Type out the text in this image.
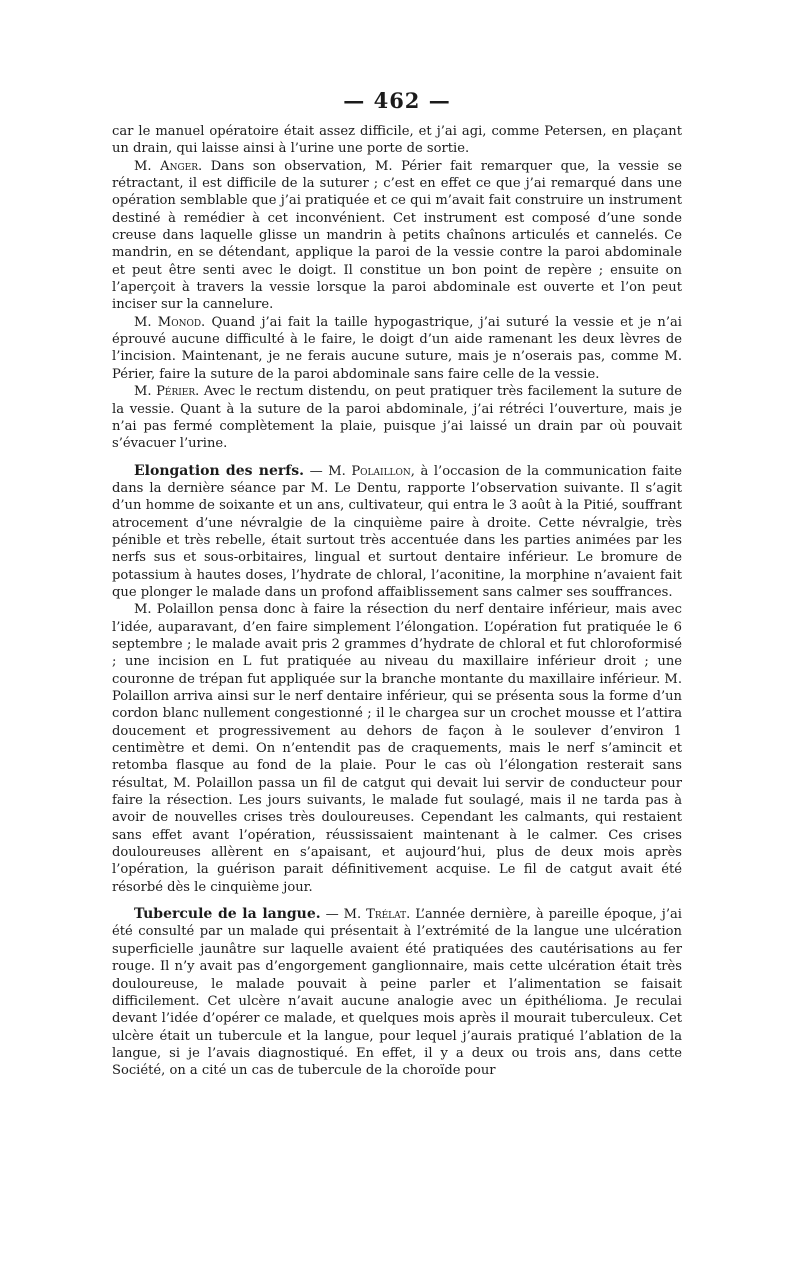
— 462 —

car le manuel opératoire était assez difficile, et j’ai agi, comme Petersen, en plaçant un drain, qui laisse ainsi à l’urine une porte de sortie.

M. Anger. Dans son observation, M. Périer fait remarquer que, la vessie se rétractant, il est difficile de la suturer ; c’est en effet ce que j’ai remarqué dans une opération semblable que j’ai pratiquée et ce qui m’avait fait construire un instrument destiné à remédier à cet inconvénient. Cet instrument est composé d’une sonde creuse dans laquelle glisse un mandrin à petits chaînons articulés et cannelés. Ce mandrin, en se détendant, applique la paroi de la vessie contre la paroi abdominale et peut être senti avec le doigt. Il constitue un bon point de repère ; ensuite on l’aperçoit à travers la vessie lorsque la paroi abdominale est ouverte et l’on peut inciser sur la cannelure.

M. Monod. Quand j’ai fait la taille hypogastrique, j’ai suturé la vessie et je n’ai éprouvé aucune difficulté à le faire, le doigt d’un aide ramenant les deux lèvres de l’incision. Maintenant, je ne ferais aucune suture, mais je n’oserais pas, comme M. Périer, faire la suture de la paroi abdominale sans faire celle de la vessie.

M. Périer. Avec le rectum distendu, on peut pratiquer très facilement la suture de la vessie. Quant à la suture de la paroi abdominale, j’ai rétréci l’ouverture, mais je n’ai pas fermé complètement la plaie, puisque j’ai laissé un drain par où pouvait s’évacuer l’urine.

Elongation des nerfs. — M. Polaillon, à l’occasion de la communication faite dans la dernière séance par M. Le Dentu, rapporte l’observation suivante. Il s’agit d’un homme de soixante et un ans, cultivateur, qui entra le 3 août à la Pitié, souffrant atrocement d’une névralgie de la cinquième paire à droite. Cette névralgie, très pénible et très rebelle, était surtout très accentuée dans les parties animées par les nerfs sus et sous-orbitaires, lingual et surtout dentaire inférieur. Le bromure de potassium à hautes doses, l’hydrate de chloral, l’aconitine, la morphine n’avaient fait que plonger le malade dans un profond affaiblissement sans calmer ses souffrances.

M. Polaillon pensa donc à faire la résection du nerf dentaire inférieur, mais avec l’idée, auparavant, d’en faire simplement l’élongation. L’opération fut pratiquée le 6 septembre ; le malade avait pris 2 grammes d’hydrate de chloral et fut chloroformisé ; une incision en L fut pratiquée au niveau du maxillaire inférieur droit ; une couronne de trépan fut appliquée sur la branche montante du maxillaire inférieur. M. Polaillon arriva ainsi sur le nerf dentaire inférieur, qui se présenta sous la forme d’un cordon blanc nullement congestionné ; il le chargea sur un crochet mousse et l’attira doucement et progressivement au dehors de façon à le soulever d’environ 1 centimètre et demi. On n’entendit pas de craquements, mais le nerf s’amincit et retomba flasque au fond de la plaie. Pour le cas où l’élongation resterait sans résultat, M. Polaillon passa un fil de catgut qui devait lui servir de conducteur pour faire la résection. Les jours suivants, le malade fut soulagé, mais il ne tarda pas à avoir de nouvelles crises très douloureuses. Cependant les calmants, qui restaient sans effet avant l’opération, réussissaient maintenant à le calmer. Ces crises douloureuses allèrent en s’apaisant, et aujourd’hui, plus de deux mois après l’opération, la guérison parait définitivement acquise. Le fil de catgut avait été résorbé dès le cinquième jour.

Tubercule de la langue. — M. Trélat. L’année dernière, à pareille époque, j’ai été consulté par un malade qui présentait à l’extrémité de la langue une ulcération superficielle jaunâtre sur laquelle avaient été pratiquées des cautérisations au fer rouge. Il n’y avait pas d’engorgement ganglionnaire, mais cette ulcération était très douloureuse, le malade pouvait à peine parler et l’alimentation se faisait difficilement. Cet ulcère n’avait aucune analogie avec un épithélioma. Je reculai devant l’idée d’opérer ce malade, et quelques mois après il mourait tuberculeux. Cet ulcère était un tubercule et la langue, pour lequel j’aurais pratiqué l’ablation de la langue, si je l’avais diagnostiqué. En effet, il y a deux ou trois ans, dans cette Société, on a cité un cas de tubercule de la choroïde pour
